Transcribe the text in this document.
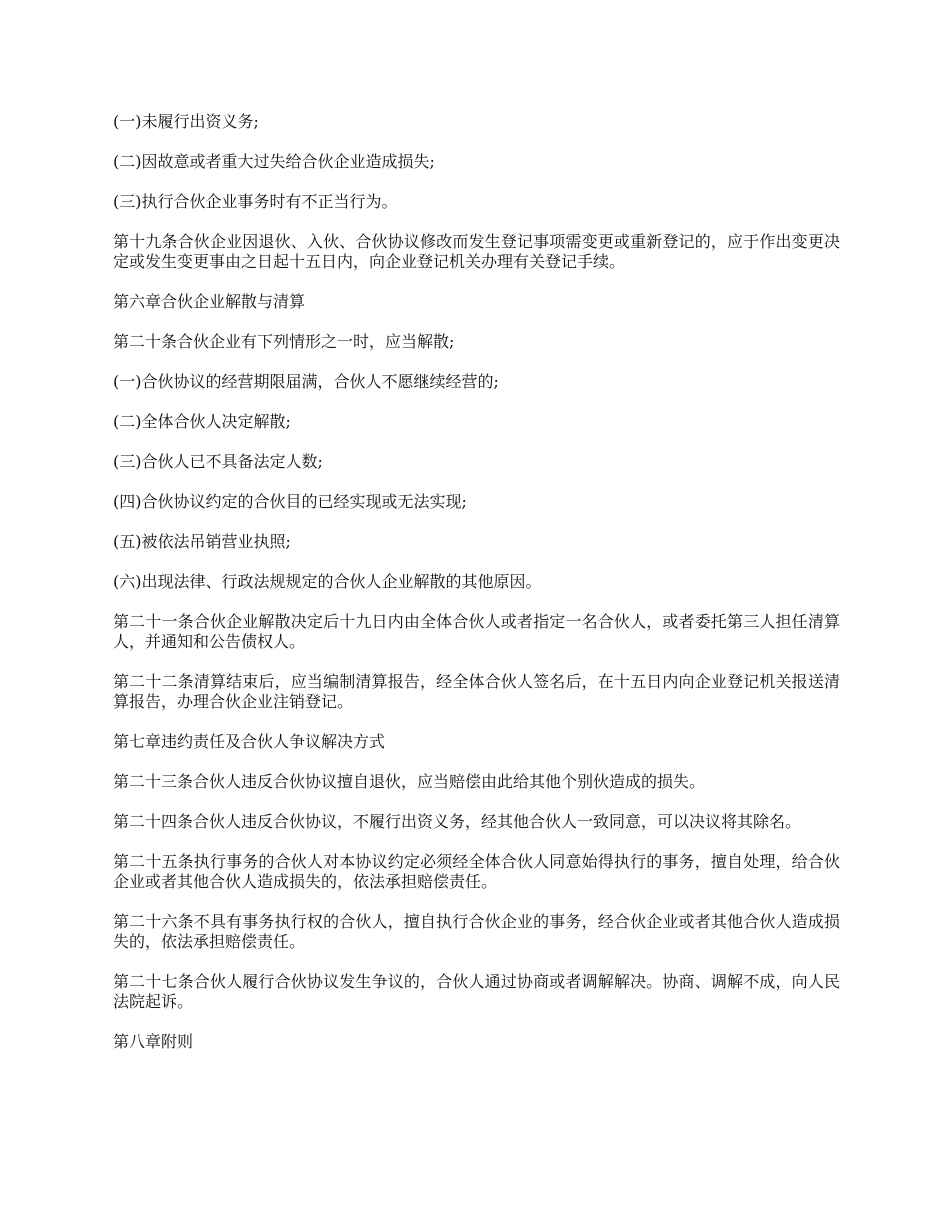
(一)未履行出资义务;

(二)因故意或者重大过失给合伙企业造成损失;

(三)执行合伙企业事务时有不正当行为。

第十九条合伙企业因退伙、入伙、合伙协议修改而发生登记事项需变更或重新登记的，应于作出变更决定或发生变更事由之日起十五日内，向企业登记机关办理有关登记手续。

第六章合伙企业解散与清算

第二十条合伙企业有下列情形之一时，应当解散;

(一)合伙协议的经营期限届满，合伙人不愿继续经营的;

(二)全体合伙人决定解散;

(三)合伙人已不具备法定人数;

(四)合伙协议约定的合伙目的已经实现或无法实现;

(五)被依法吊销营业执照;

(六)出现法律、行政法规规定的合伙人企业解散的其他原因。

第二十一条合伙企业解散决定后十九日内由全体合伙人或者指定一名合伙人，或者委托第三人担任清算人，并通知和公告债权人。

第二十二条清算结束后，应当编制清算报告，经全体合伙人签名后，在十五日内向企业登记机关报送清算报告，办理合伙企业注销登记。

第七章违约责任及合伙人争议解决方式

第二十三条合伙人违反合伙协议擅自退伙，应当赔偿由此给其他个别伙造成的损失。

第二十四条合伙人违反合伙协议，不履行出资义务，经其他合伙人一致同意，可以决议将其除名。

第二十五条执行事务的合伙人对本协议约定必须经全体合伙人同意始得执行的事务，擅自处理，给合伙企业或者其他合伙人造成损失的，依法承担赔偿责任。

第二十六条不具有事务执行权的合伙人，擅自执行合伙企业的事务，经合伙企业或者其他合伙人造成损失的，依法承担赔偿责任。

第二十七条合伙人履行合伙协议发生争议的，合伙人通过协商或者调解解决。协商、调解不成，向人民法院起诉。

第八章附则
